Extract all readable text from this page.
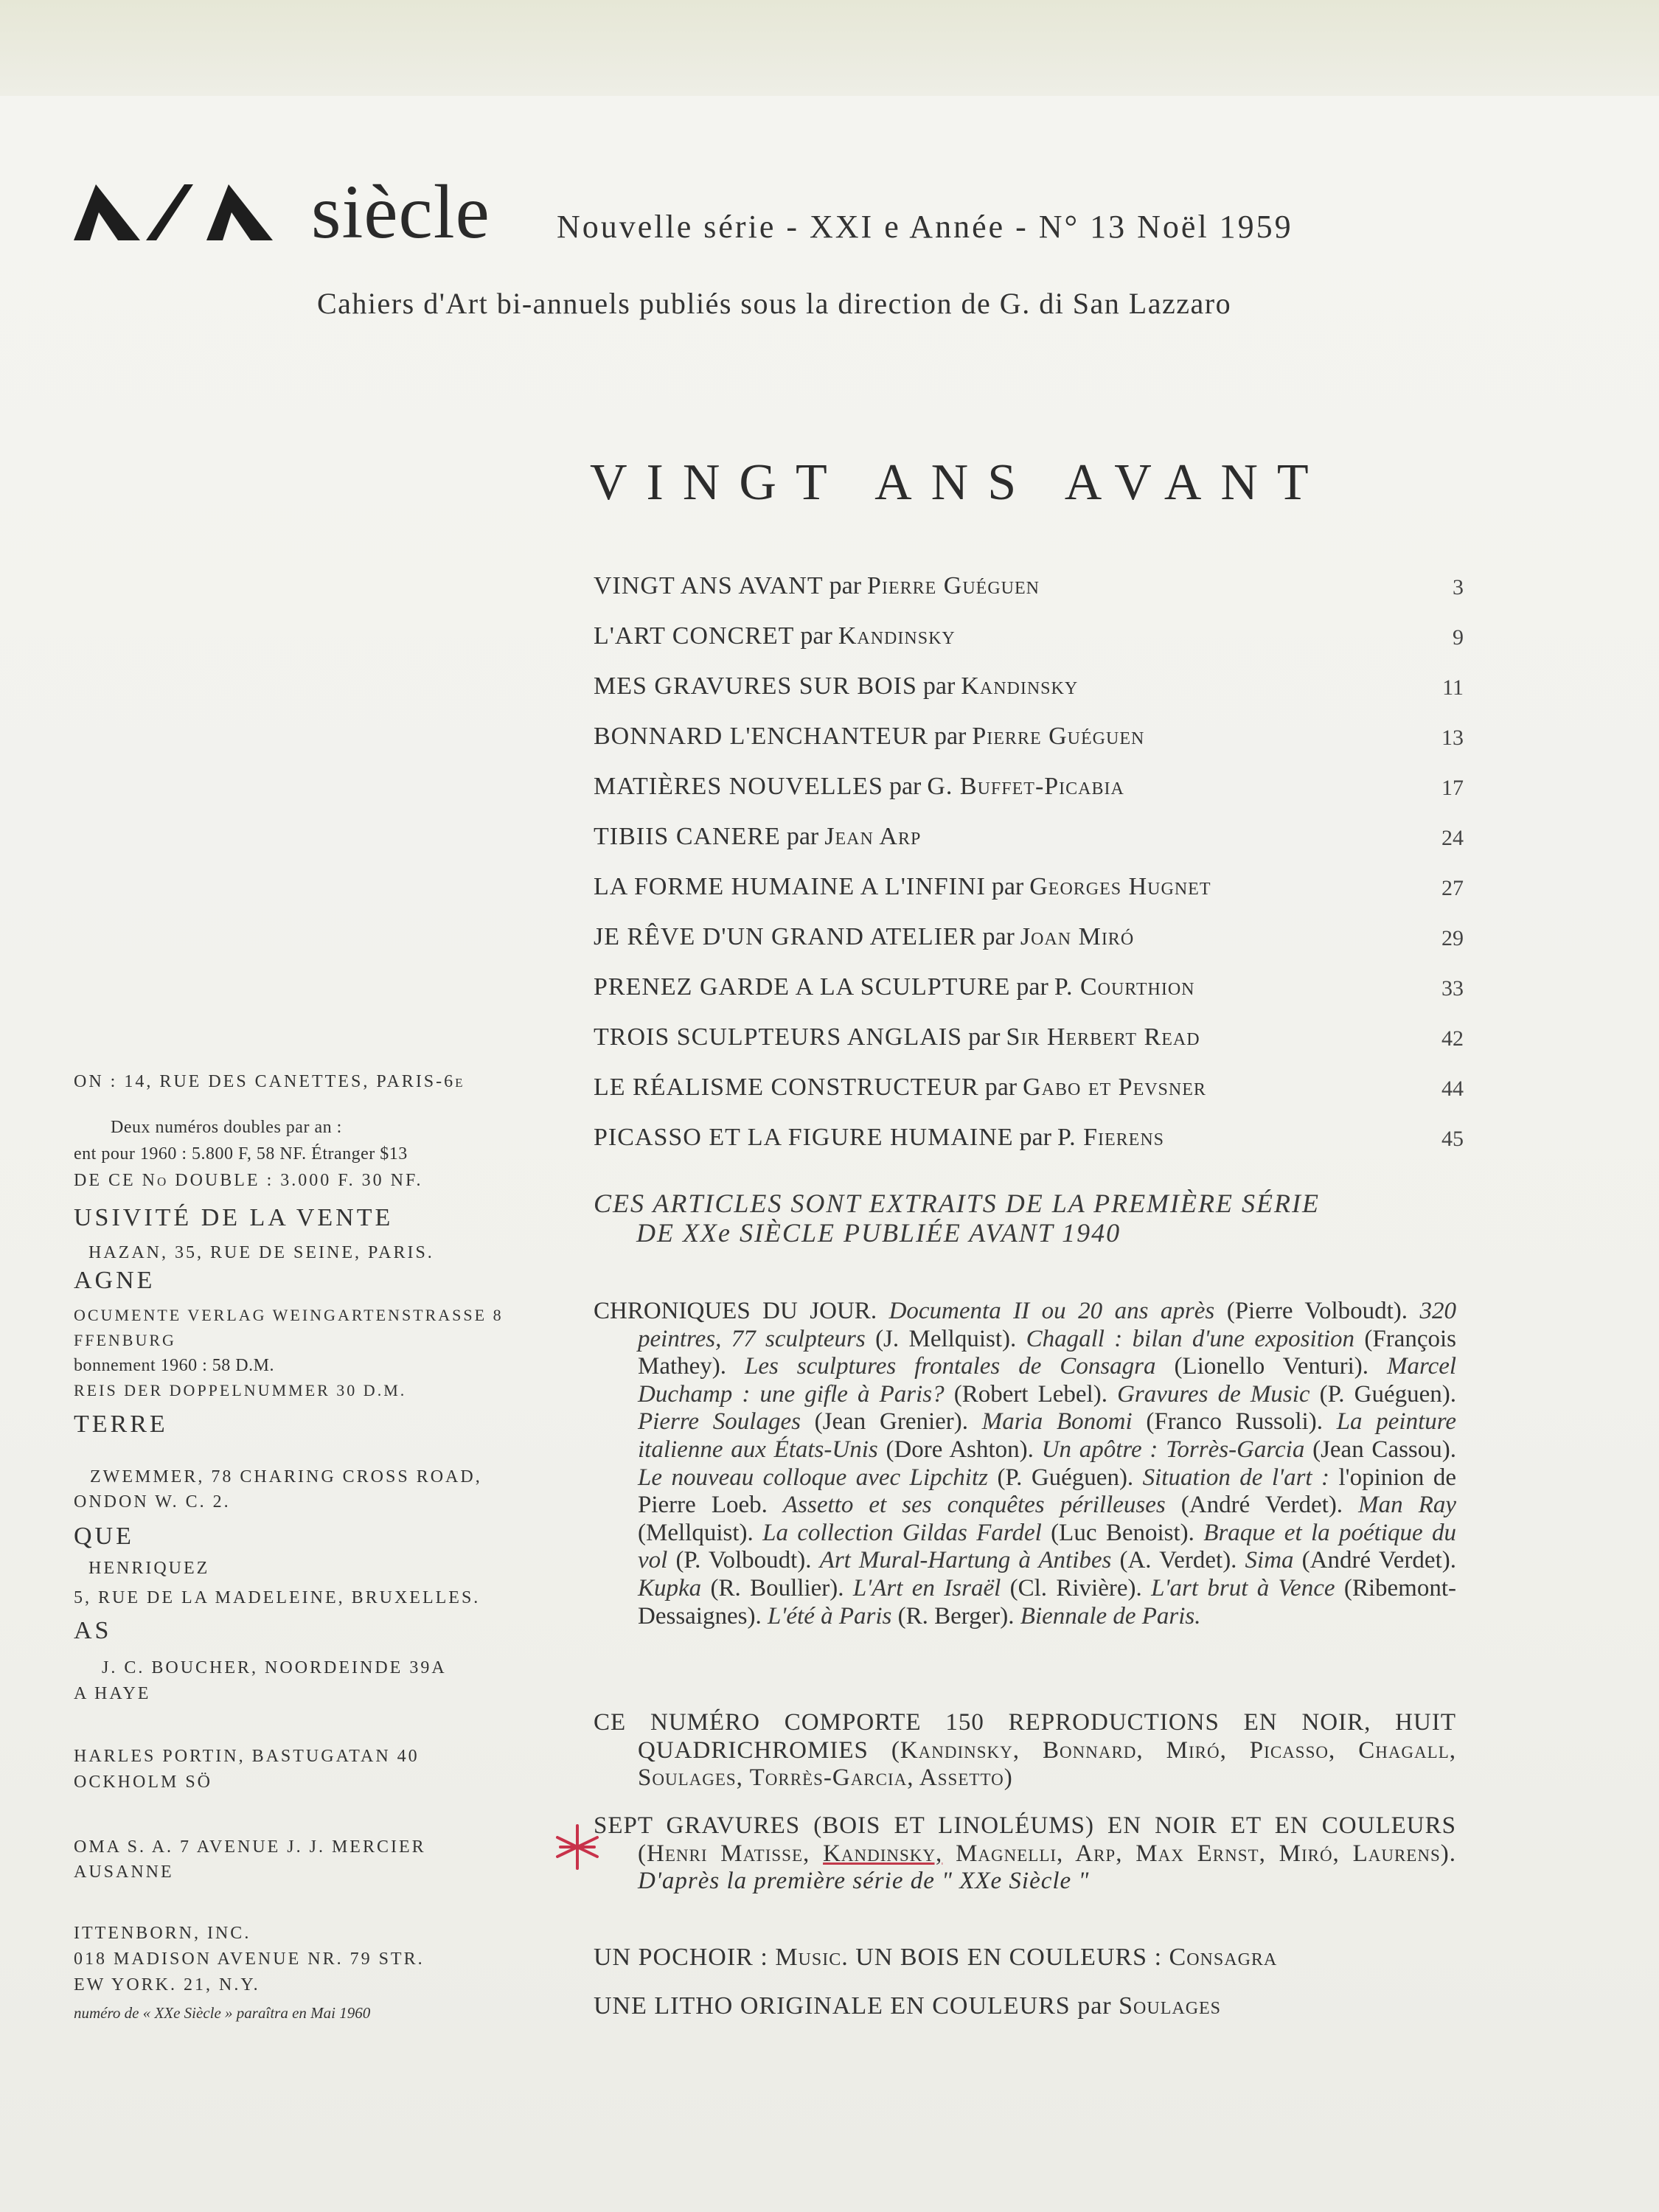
siècle Nouvelle série - XXI e Année - N° 13 Noël 1959
Cahiers d'Art bi-annuels publiés sous la direction de G. di San Lazzaro
VINGT ANS AVANT
VINGT ANS AVANT par Pierre Guéguen	3
L'ART CONCRET par Kandinsky	9
MES GRAVURES SUR BOIS par Kandinsky	11
BONNARD L'ENCHANTEUR par Pierre Guéguen	13
MATIÈRES NOUVELLES par G. Buffet-Picabia	17
TIBIIS CANERE par Jean Arp	24
LA FORME HUMAINE A L'INFINI par Georges Hugnet	27
JE RÊVE D'UN GRAND ATELIER par Joan Miró	29
PRENEZ GARDE A LA SCULPTURE par P. Courthion	33
TROIS SCULPTEURS ANGLAIS par Sir Herbert Read	42
LE RÉALISME CONSTRUCTEUR par Gabo et Pevsner	44
PICASSO ET LA FIGURE HUMAINE par P. Fierens	45
CES ARTICLES SONT EXTRAITS DE LA PREMIÈRE SÉRIE
DE XXe SIÈCLE PUBLIÉE AVANT 1940
CHRONIQUES DU JOUR. Documenta II ou 20 ans après (Pierre Volboudt). 320 peintres, 77 sculpteurs (J. Mellquist). Chagall : bilan d'une exposition (François Mathey). Les sculptures frontales de Consagra (Lionello Venturi). Marcel Duchamp : une gifle à Paris? (Robert Lebel). Gravures de Music (P. Guéguen). Pierre Soulages (Jean Grenier). Maria Bonomi (Franco Russoli). La peinture italienne aux États-Unis (Dore Ashton). Un apôtre : Torrès-Garcia (Jean Cassou). Le nouveau colloque avec Lipchitz (P. Guéguen). Situation de l'art : l'opinion de Pierre Loeb. Assetto et ses conquêtes périlleuses (André Verdet). Man Ray (Mellquist). La collection Gildas Fardel (Luc Benoist). Braque et la poétique du vol (P. Volboudt). Art Mural-Hartung à Antibes (A. Verdet). Sima (André Verdet). Kupka (R. Boullier). L'Art en Israël (Cl. Rivière). L'art brut à Vence (Ribemont-Dessaignes). L'été à Paris (R. Berger). Biennale de Paris.
CE NUMÉRO COMPORTE 150 REPRODUCTIONS EN NOIR, HUIT QUADRICHROMIES (Kandinsky, Bonnard, Miró, Picasso, Chagall, Soulages, Torrès-Garcia, Assetto)
SEPT GRAVURES (BOIS ET LINOLÉUMS) EN NOIR ET EN COULEURS (Henri Matisse, Kandinsky, Magnelli, Arp, Max Ernst, Miró, Laurens). D'après la première série de " XXe Siècle "
UN POCHOIR : Music. UN BOIS EN COULEURS : Consagra
UNE LITHO ORIGINALE EN COULEURS par Soulages
ON : 14, RUE DES CANETTES, PARIS-6e
Deux numéros doubles par an :
ent pour 1960 : 5.800 F, 58 NF. Étranger $13
DE CE No DOUBLE : 3.000 F. 30 NF.
USIVITÉ DE LA VENTE
HAZAN, 35, RUE DE SEINE, PARIS.
AGNE
OCUMENTE VERLAG WEINGARTENSTRASSE 8
FFENBURG
bonnement 1960 : 58 D.M.
REIS DER DOPPELNUMMER 30 D.M.
TERRE
ZWEMMER, 78 CHARING CROSS ROAD,
ONDON W. C. 2.
QUE
HENRIQUEZ
5, RUE DE LA MADELEINE, BRUXELLES.
AS
J. C. BOUCHER, NOORDEINDE 39A
A HAYE
HARLES PORTIN, BASTUGATAN 40
OCKHOLM SÖ
OMA S. A. 7 AVENUE J. J. MERCIER
AUSANNE
ITTENBORN, INC.
018 MADISON AVENUE NR. 79 STR.
EW YORK. 21, N.Y.
numéro de « XXe Siècle » paraîtra en Mai 1960
